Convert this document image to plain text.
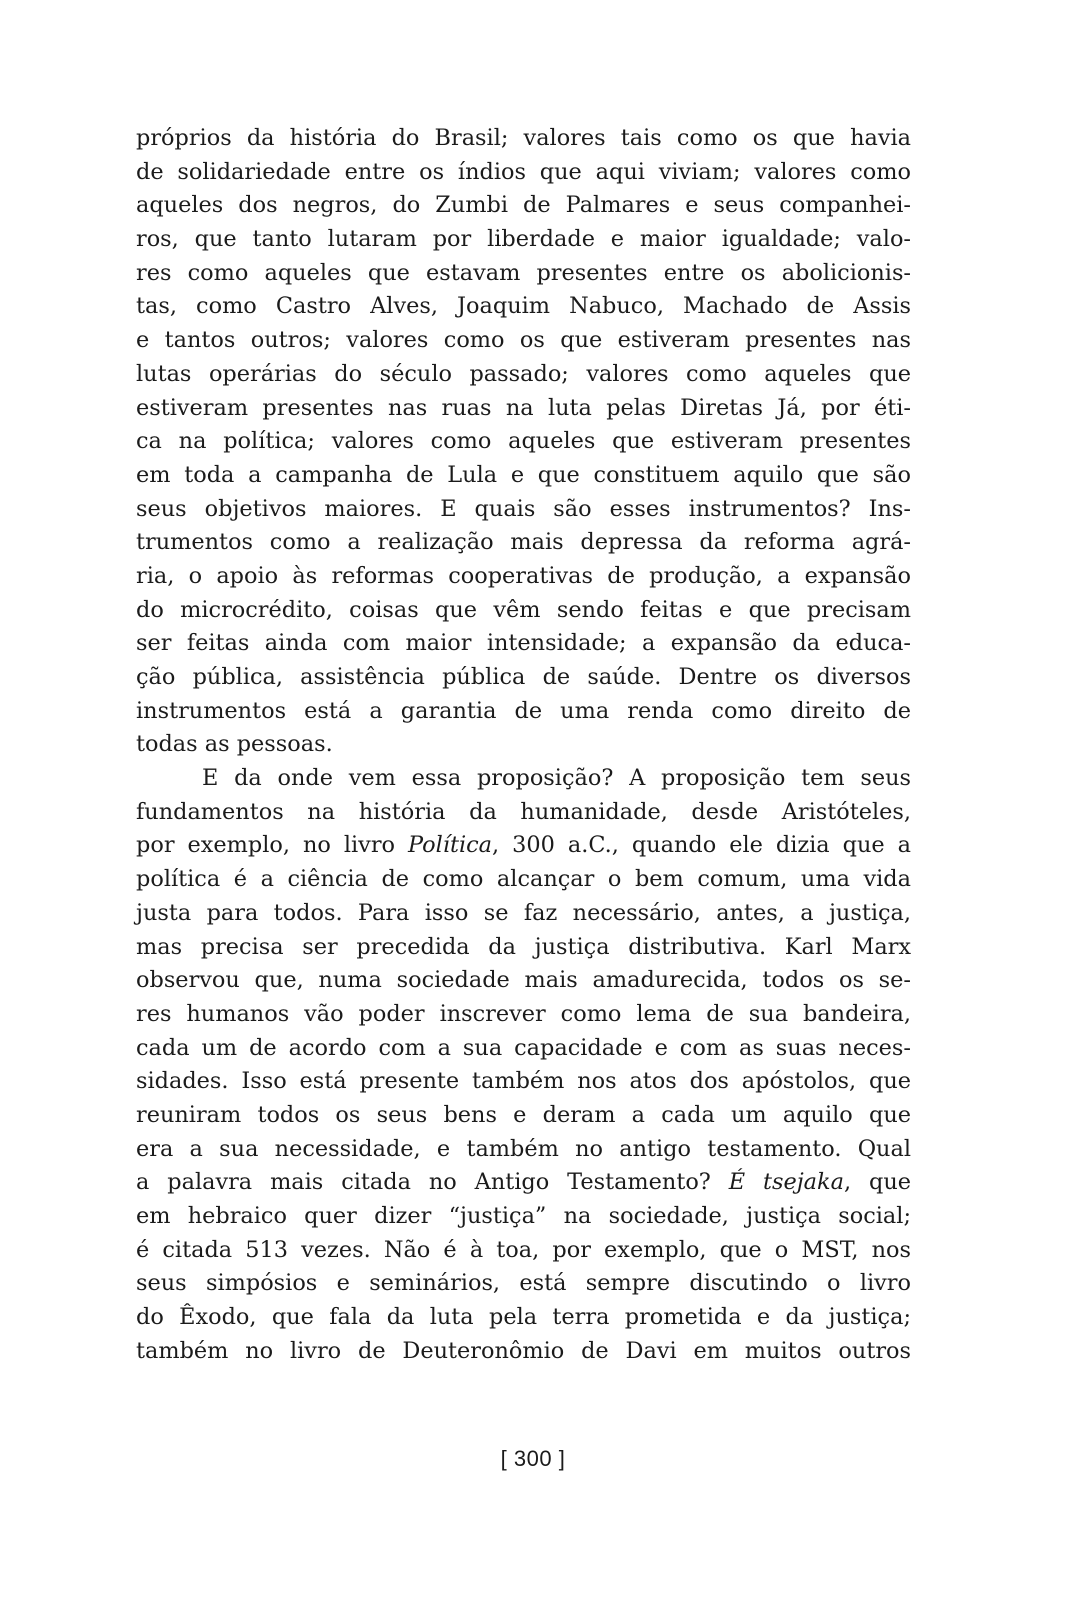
próprios da história do Brasil; valores tais como os que havia
de solidariedade entre os índios que aqui viviam; valores como
aqueles dos negros, do Zumbi de Palmares e seus companhei-
ros, que tanto lutaram por liberdade e maior igualdade; valo-
res como aqueles que estavam presentes entre os abolicionis-
tas, como Castro Alves, Joaquim Nabuco, Machado de Assis
e tantos outros; valores como os que estiveram presentes nas
lutas operárias do século passado; valores como aqueles que
estiveram presentes nas ruas na luta pelas Diretas Já, por éti-
ca na política; valores como aqueles que estiveram presentes
em toda a campanha de Lula e que constituem aquilo que são
seus objetivos maiores. E quais são esses instrumentos? Ins-
trumentos como a realização mais depressa da reforma agrá-
ria, o apoio às reformas cooperativas de produção, a expansão
do microcrédito, coisas que vêm sendo feitas e que precisam
ser feitas ainda com maior intensidade; a expansão da educa-
ção pública, assistência pública de saúde. Dentre os diversos
instrumentos está a garantia de uma renda como direito de
todas as pessoas.
E da onde vem essa proposição? A proposição tem seus
fundamentos na história da humanidade, desde Aristóteles,
por exemplo, no livro Política, 300 a.C., quando ele dizia que a
política é a ciência de como alcançar o bem comum, uma vida
justa para todos. Para isso se faz necessário, antes, a justiça,
mas precisa ser precedida da justiça distributiva. Karl Marx
observou que, numa sociedade mais amadurecida, todos os se-
res humanos vão poder inscrever como lema de sua bandeira,
cada um de acordo com a sua capacidade e com as suas neces-
sidades. Isso está presente também nos atos dos apóstolos, que
reuniram todos os seus bens e deram a cada um aquilo que
era a sua necessidade, e também no antigo testamento. Qual
a palavra mais citada no Antigo Testamento? É tsejaka, que
em hebraico quer dizer “justiça” na sociedade, justiça social;
é citada 513 vezes. Não é à toa, por exemplo, que o MST, nos
seus simpósios e seminários, está sempre discutindo o livro
do Êxodo, que fala da luta pela terra prometida e da justiça;
também no livro de Deuteronômio de Davi em muitos outros
[ 300 ]
